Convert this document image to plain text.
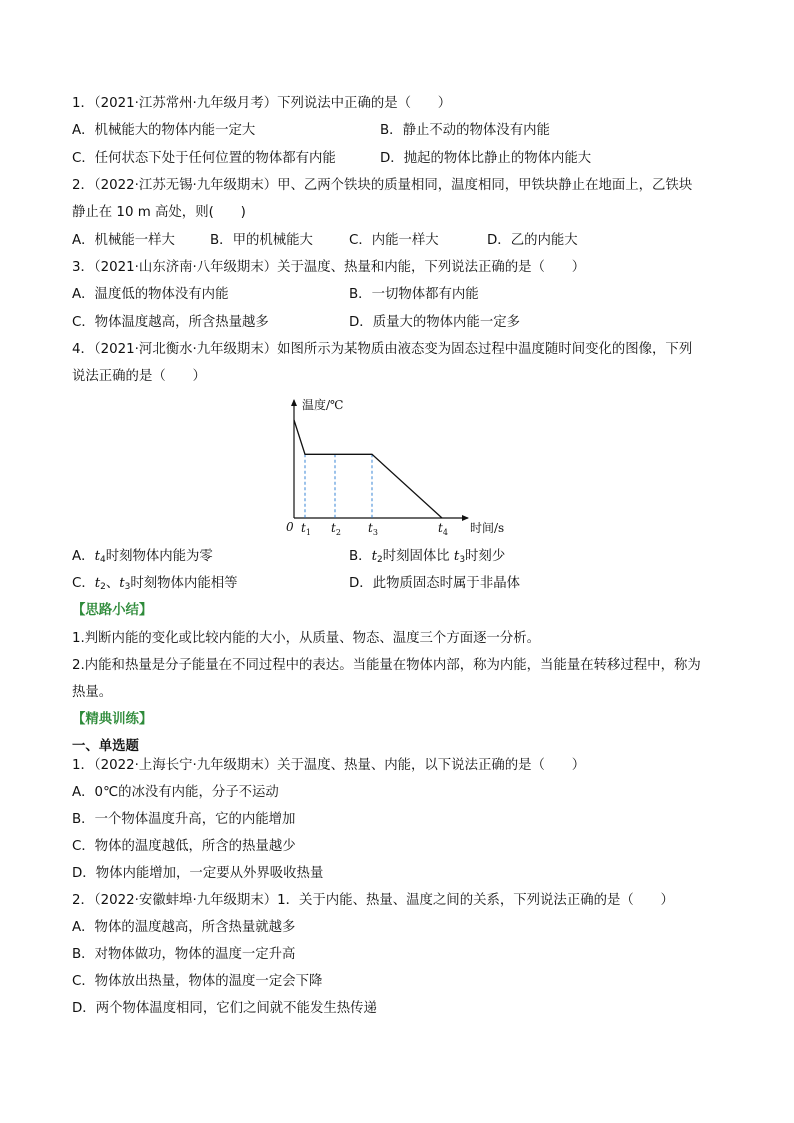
1．（2021·江苏常州·九年级月考）下列说法中正确的是（　　）
A．机械能大的物体内能一定大	B．静止不动的物体没有内能
C．任何状态下处于任何位置的物体都有内能	D．抛起的物体比静止的物体内能大
2．（2022·江苏无锡·九年级期末）甲、乙两个铁块的质量相同，温度相同，甲铁块静止在地面上，乙铁块
静止在 10 m 高处，则(　　)
A．机械能一样大	B．甲的机械能大	C．内能一样大	D．乙的内能大
3．（2021·山东济南·八年级期末）关于温度、热量和内能，下列说法正确的是（　　）
A．温度低的物体没有内能	B．一切物体都有内能
C．物体温度越高，所含热量越多	D．质量大的物体内能一定多
4．（2021·河北衡水·九年级期末）如图所示为某物质由液态变为固态过程中温度随时间变化的图像，下列
说法正确的是（　　）
温度/℃
时间/s
0 $t_1$ $t_2$ $t_3$	$t_4$
A．$t_4$时刻物体内能为零	B．$t_2$时刻固体比 $t_3$时刻少
C．$t_2$、$t_3$时刻物体内能相等	D．此物质固态时属于非晶体
【思路小结】
1.判断内能的变化或比较内能的大小，从质量、物态、温度三个方面逐一分析。
2.内能和热量是分子能量在不同过程中的表达。当能量在物体内部，称为内能，当能量在转移过程中，称为
热量。
【精典训练】
一、单选题
1．（2022·上海长宁·九年级期末）关于温度、热量、内能，以下说法正确的是（　　）
A．0℃的冰没有内能，分子不运动
B．一个物体温度升高，它的内能增加
C．物体的温度越低，所含的热量越少
D．物体内能增加，一定要从外界吸收热量
2．（2022·安徽蚌埠·九年级期末）1．关于内能、热量、温度之间的关系，下列说法正确的是（　　）
A．物体的温度越高，所含热量就越多
B．对物体做功，物体的温度一定升高
C．物体放出热量，物体的温度一定会下降
D．两个物体温度相同，它们之间就不能发生热传递
